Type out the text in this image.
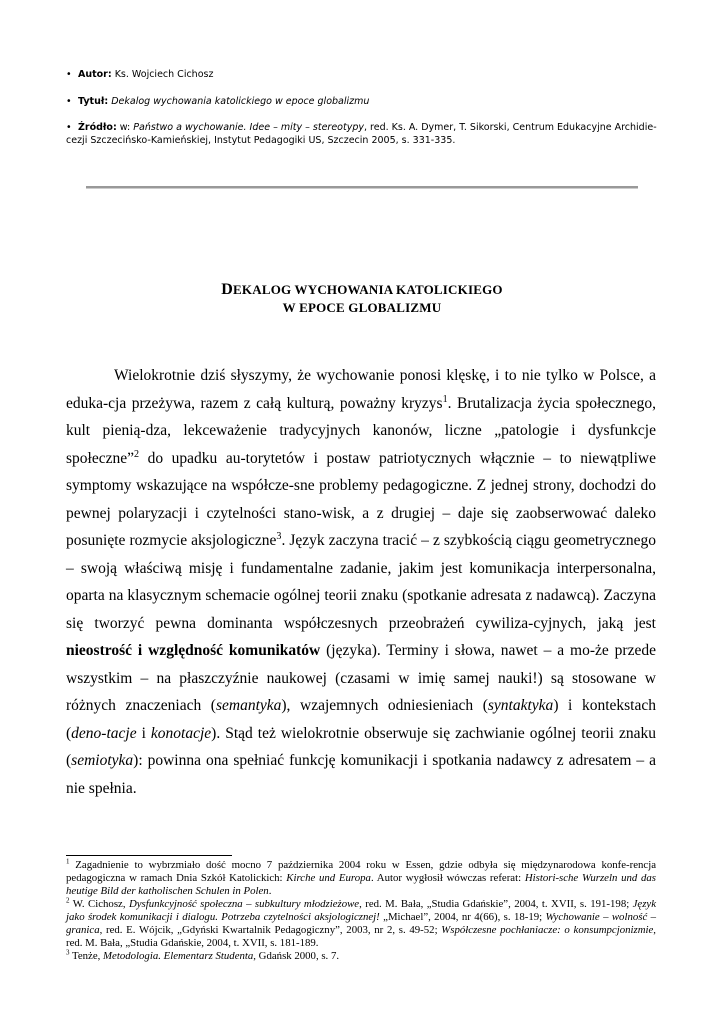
• Autor: Ks. Wojciech Cichosz
• Tytuł: Dekalog wychowania katolickiego w epoce globalizmu
• Źródło: w: Państwo a wychowanie. Idee – mity – stereotypy, red. Ks. A. Dymer, T. Sikorski, Centrum Edukacyjne Archidie-cezji Szczecińsko-Kamieńskiej, Instytut Pedagogiki US, Szczecin 2005, s. 331-335.
DEKALOG WYCHOWANIA KATOLICKIEGO
W EPOCE GLOBALIZMU

Wielokrotnie dziś słyszymy, że wychowanie ponosi klęskę, i to nie tylko w Polsce, a eduka-cja przeżywa, razem z całą kulturą, poważny kryzys$^1$. Brutalizacja życia społecznego, kult pienią-dza, lekceważenie tradycyjnych kanonów, liczne „patologie i dysfunkcje społeczne”$^2$ do upadku au-torytetów i postaw patriotycznych włącznie – to niewątpliwe symptomy wskazujące na współcze-sne problemy pedagogiczne. Z jednej strony, dochodzi do pewnej polaryzacji i czytelności stano-wisk, a z drugiej – daje się zaobserwować daleko posunięte rozmycie aksjologiczne$^3$. Język zaczyna tracić – z szybkością ciągu geometrycznego – swoją właściwą misję i fundamentalne zadanie, jakim jest komunikacja interpersonalna, oparta na klasycznym schemacie ogólnej teorii znaku (spotkanie adresata z nadawcą). Zaczyna się tworzyć pewna dominanta współczesnych przeobrażeń cywiliza-cyjnych, jaką jest nieostrość i względność komunikatów (języka). Terminy i słowa, nawet – a mo-że przede wszystkim – na płaszczyźnie naukowej (czasami w imię samej nauki!) są stosowane w różnych znaczeniach (semantyka), wzajemnych odniesieniach (syntaktyka) i kontekstach (deno-tacje i konotacje). Stąd też wielokrotnie obserwuje się zachwianie ogólnej teorii znaku (semiotyka): powinna ona spełniać funkcję komunikacji i spotkania nadawcy z adresatem – a nie spełnia.

$^1$ Zagadnienie to wybrzmiało dość mocno 7 października 2004 roku w Essen, gdzie odbyła się międzynarodowa konfe-rencja pedagogiczna w ramach Dnia Szkół Katolickich: Kirche und Europa. Autor wygłosił wówczas referat: Histori-sche Wurzeln und das heutige Bild der katholischen Schulen in Polen.

$^2$ W. Cichosz, Dysfunkcyjność społeczna – subkultury młodzieżowe, red. M. Bała, „Studia Gdańskie”, 2004, t. XVII, s. 191-198; Język jako środek komunikacji i dialogu. Potrzeba czytelności aksjologicznej! „Michael”, 2004, nr 4(66), s. 18-19; Wychowanie – wolność – granica, red. E. Wójcik, „Gdyński Kwartalnik Pedagogiczny”, 2003, nr 2, s. 49-52; Współczesne pochłaniacze: o konsumpcjonizmie, red. M. Bała, „Studia Gdańskie, 2004, t. XVII, s. 181-189.

$^3$ Tenże, Metodologia. Elementarz Studenta, Gdańsk 2000, s. 7.
